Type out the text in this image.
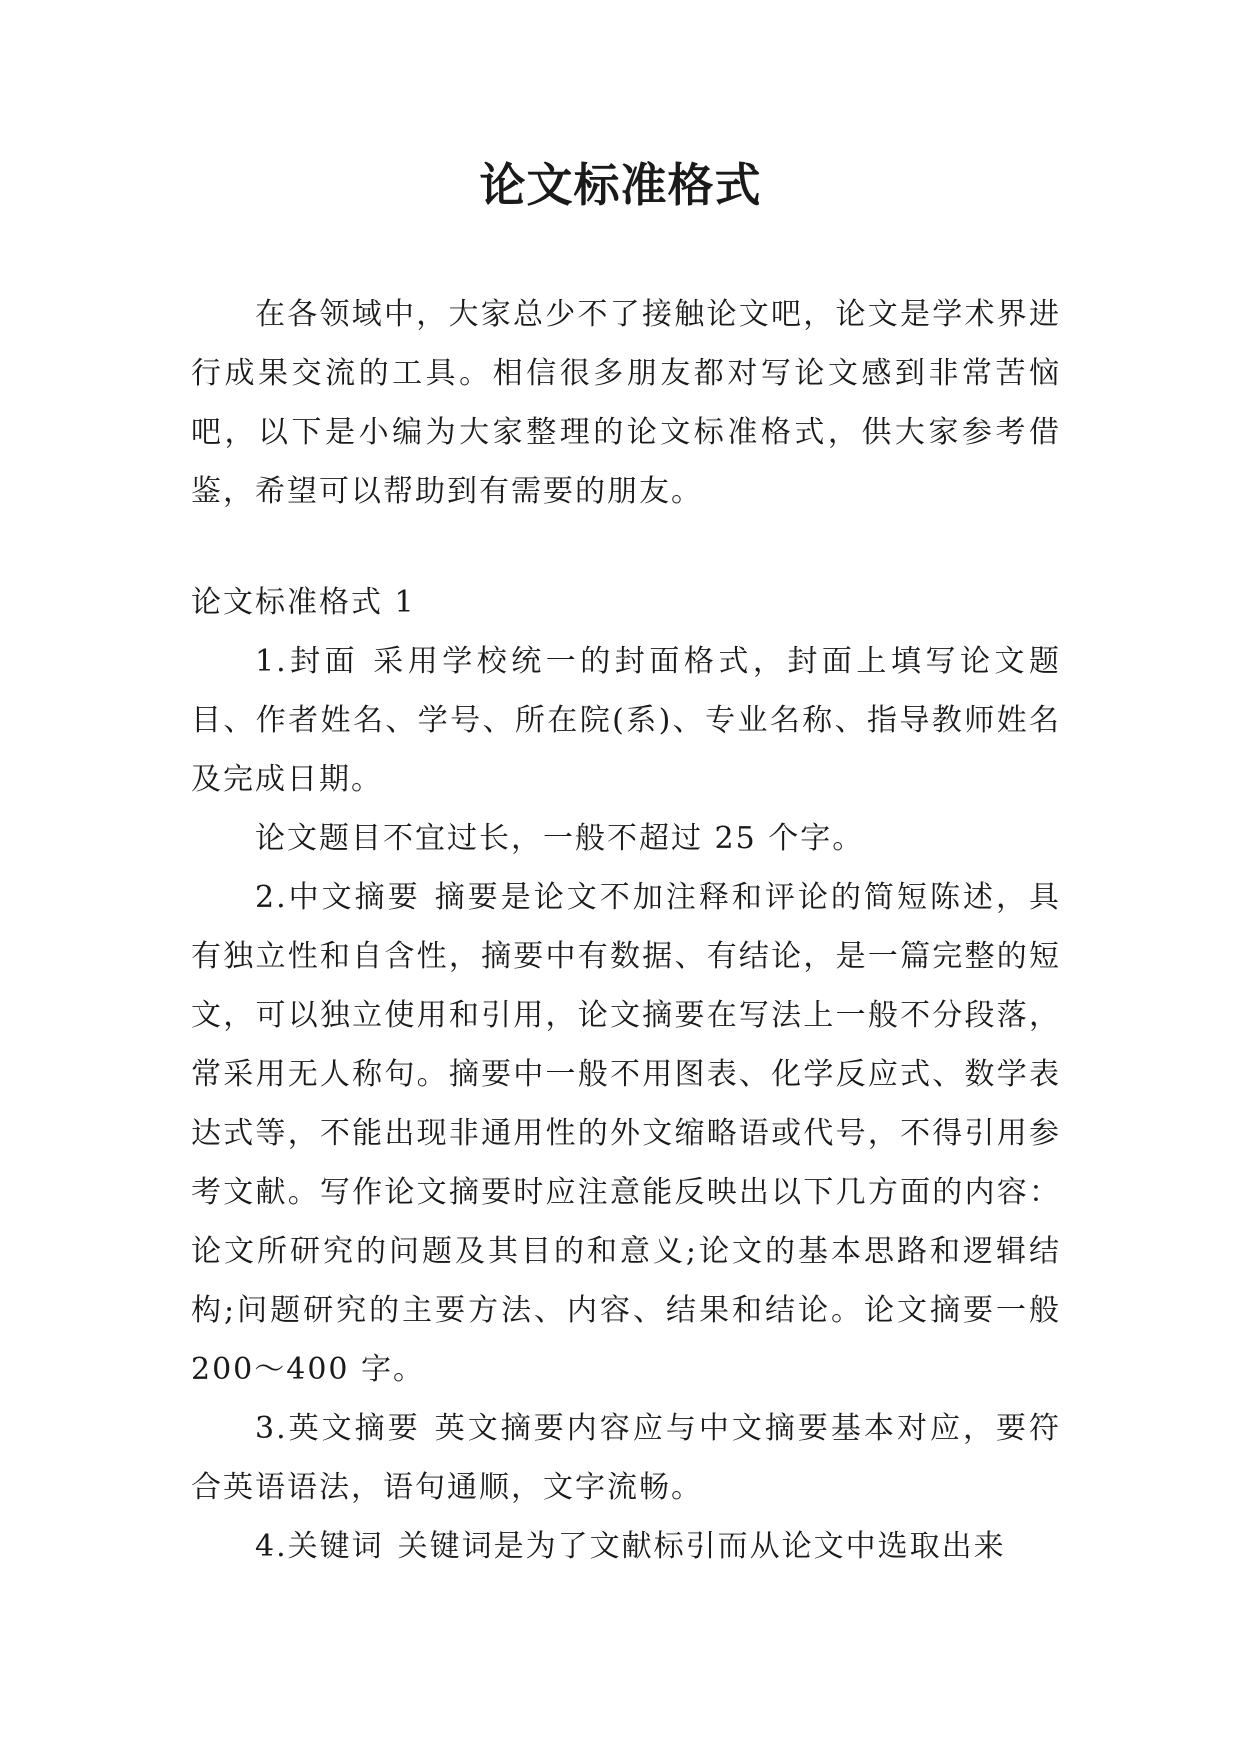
论文标准格式

在各领域中，大家总少不了接触论文吧，论文是学术界进行成果交流的工具。相信很多朋友都对写论文感到非常苦恼吧，以下是小编为大家整理的论文标准格式，供大家参考借鉴，希望可以帮助到有需要的朋友。

论文标准格式 1

1.封面 采用学校统一的封面格式，封面上填写论文题目、作者姓名、学号、所在院(系)、专业名称、指导教师姓名及完成日期。

论文题目不宜过长，一般不超过 25 个字。

2.中文摘要 摘要是论文不加注释和评论的简短陈述，具有独立性和自含性，摘要中有数据、有结论，是一篇完整的短文，可以独立使用和引用，论文摘要在写法上一般不分段落，常采用无人称句。摘要中一般不用图表、化学反应式、数学表达式等，不能出现非通用性的外文缩略语或代号，不得引用参考文献。写作论文摘要时应注意能反映出以下几方面的内容：论文所研究的问题及其目的和意义;论文的基本思路和逻辑结构;问题研究的主要方法、内容、结果和结论。论文摘要一般 200～400 字。

3.英文摘要 英文摘要内容应与中文摘要基本对应，要符合英语语法，语句通顺，文字流畅。

4.关键词 关键词是为了文献标引而从论文中选取出来
